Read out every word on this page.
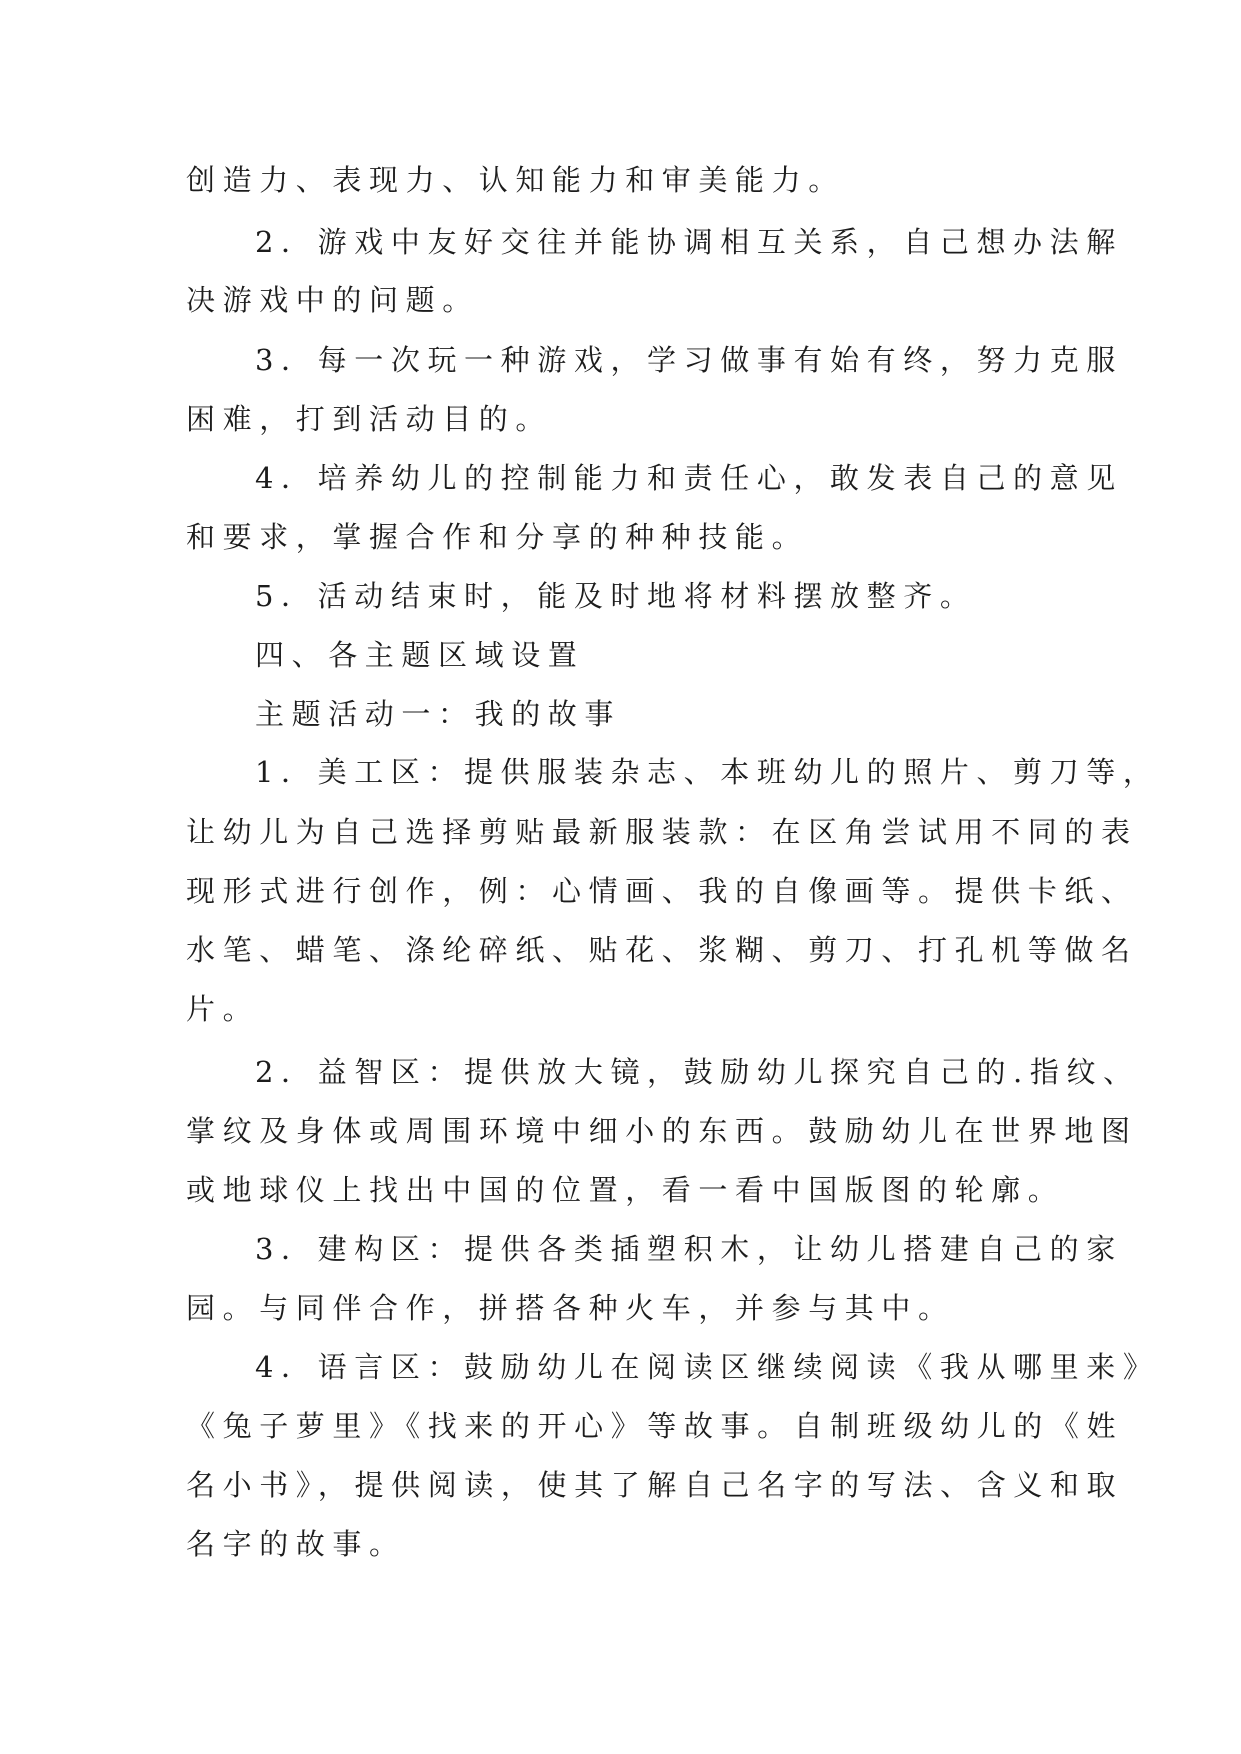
创造力、表现力、认知能力和审美能力。

2．游戏中友好交往并能协调相互关系，自己想办法解

决游戏中的问题。

3．每一次玩一种游戏，学习做事有始有终，努力克服

困难，打到活动目的。

4．培养幼儿的控制能力和责任心，敢发表自己的意见

和要求，掌握合作和分享的种种技能。

5．活动结束时，能及时地将材料摆放整齐。

四、各主题区域设置

主题活动一：我的故事

1．美工区：提供服装杂志、本班幼儿的照片、剪刀等，

让幼儿为自己选择剪贴最新服装款：在区角尝试用不同的表

现形式进行创作，例：心情画、我的自像画等。提供卡纸、

水笔、蜡笔、涤纶碎纸、贴花、浆糊、剪刀、打孔机等做名

片。

2．益智区：提供放大镜，鼓励幼儿探究自己的.指纹、

掌纹及身体或周围环境中细小的东西。鼓励幼儿在世界地图

或地球仪上找出中国的位置，看一看中国版图的轮廓。

3．建构区：提供各类插塑积木，让幼儿搭建自己的家

园。与同伴合作，拼搭各种火车，并参与其中。

4．语言区：鼓励幼儿在阅读区继续阅读《我从哪里来》

《兔子萝里》《找来的开心》等故事。自制班级幼儿的《姓

名小书》，提供阅读，使其了解自己名字的写法、含义和取

名字的故事。
